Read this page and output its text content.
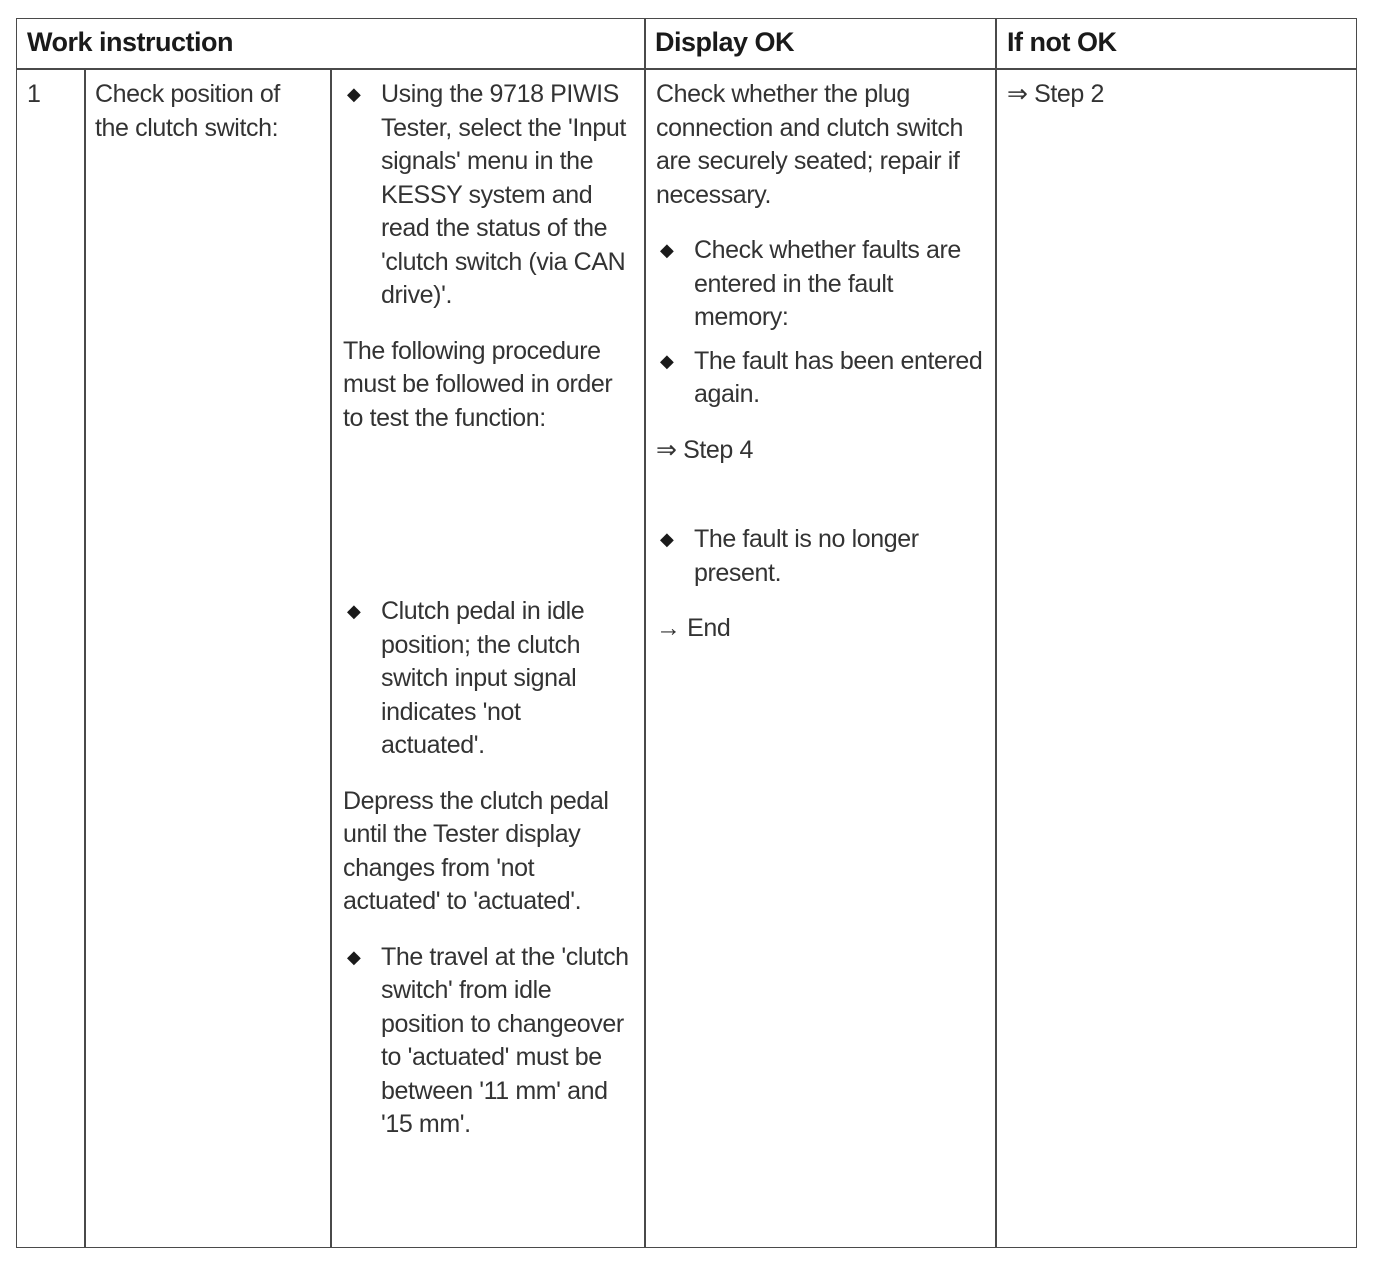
Work instruction	Display OK	If not OK
1 Check position of the clutch switch:
◆ Using the 9718 PIWIS Tester, select the 'Input signals' menu in the KESSY system and read the status of the 'clutch switch (via CAN drive)'.

The following procedure must be followed in order to test the function:

◆ Clutch pedal in idle position; the clutch switch input signal indicates 'not actuated'.

Depress the clutch pedal until the Tester display changes from 'not actuated' to 'actuated'.

◆ The travel at the 'clutch switch' from idle position to changeover to 'actuated' must be between '11 mm' and '15 mm'.

Check whether the plug connection and clutch switch are securely seated; repair if necessary.

◆ Check whether faults are entered in the fault memory:

◆ The fault has been entered again.

⇒ Step 4

◆ The fault is no longer present.

→ End

⇒ Step 2
